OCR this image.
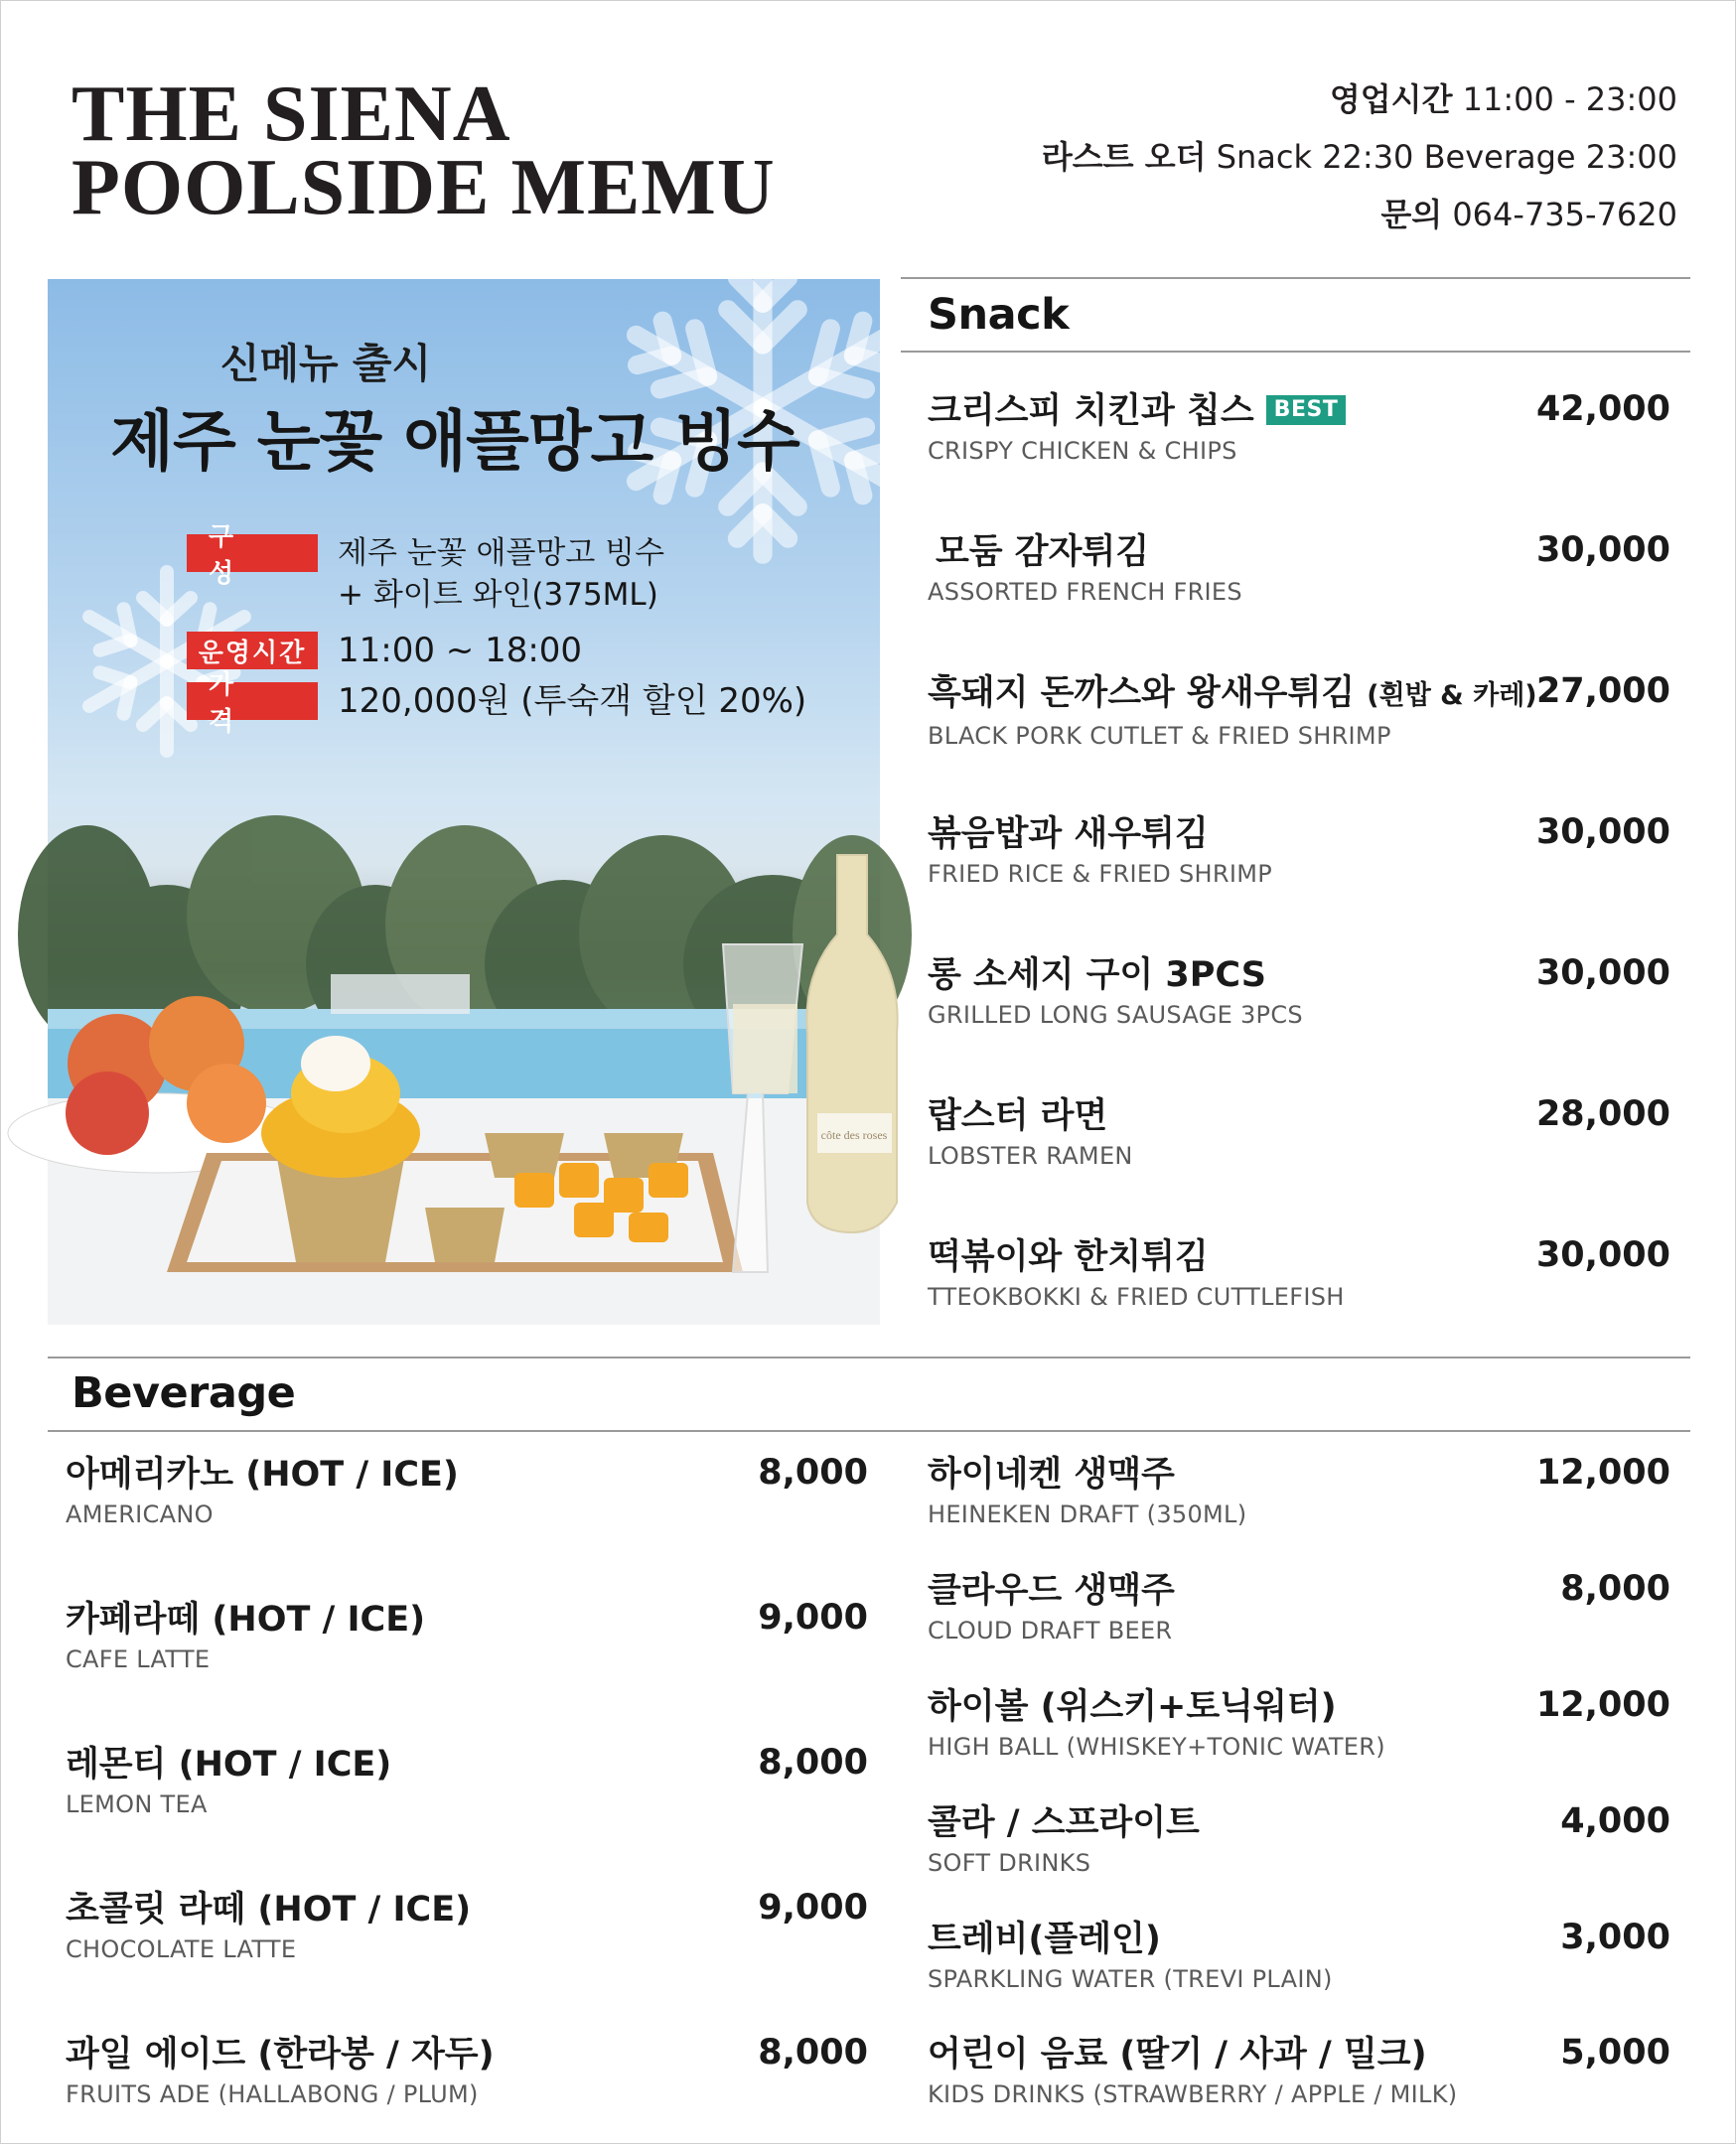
THE SIENA
POOLSIDE MEMU
영업시간 11:00 - 23:00
라스트 오더 Snack 22:30 Beverage 23:00
문의 064-735-7620
côte des roses
신메뉴 출시
제주 눈꽃 애플망고 빙수
구 성
제주 눈꽃 애플망고 빙수
+ 화이트 와인(375ML)
운영시간 11:00 ~ 18:00
가 격
120,000원 (투숙객 할인 20%)
Snack
크리스피 치킨과 칩스 BEST
CRISPY CHICKEN & CHIPS
42,000
모둠 감자튀김
ASSORTED FRENCH FRIES
30,000
흑돼지 돈까스와 왕새우튀김 (흰밥 & 카레)
BLACK PORK CUTLET & FRIED SHRIMP
27,000
볶음밥과 새우튀김
FRIED RICE & FRIED SHRIMP
30,000
롱 소세지 구이 3PCS
GRILLED LONG SAUSAGE 3PCS
30,000
랍스터 라면
LOBSTER RAMEN
28,000
떡볶이와 한치튀김
TTEOKBOKKI & FRIED CUTTLEFISH
30,000
Beverage
아메리카노 (HOT / ICE)
AMERICANO
8,000
카페라떼 (HOT / ICE)
CAFE LATTE
9,000
레몬티 (HOT / ICE)
LEMON TEA
8,000
초콜릿 라떼 (HOT / ICE)
CHOCOLATE LATTE
9,000
과일 에이드 (한라봉 / 자두)
FRUITS ADE (HALLABONG / PLUM)
8,000
하이네켄 생맥주
HEINEKEN DRAFT (350ML)
12,000
클라우드 생맥주
CLOUD DRAFT BEER
8,000
하이볼 (위스키+토닉워터)
HIGH BALL (WHISKEY+TONIC WATER)
12,000
콜라 / 스프라이트
SOFT DRINKS
4,000
트레비(플레인)
SPARKLING WATER (TREVI PLAIN)
3,000
어린이 음료 (딸기 / 사과 / 밀크)
KIDS DRINKS (STRAWBERRY / APPLE / MILK)
5,000
